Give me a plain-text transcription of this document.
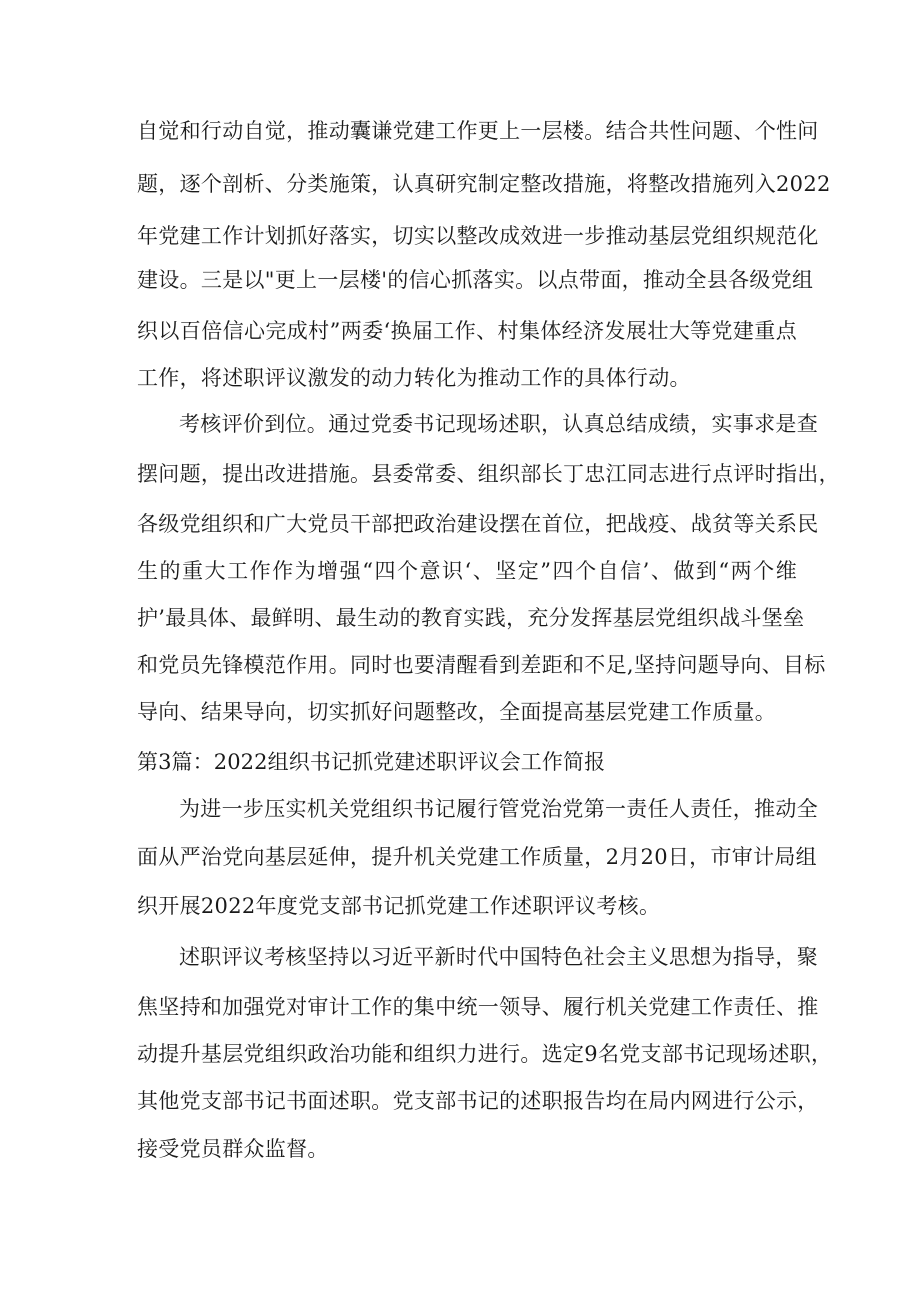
自觉和行动自觉，推动囊谦党建工作更上一层楼。结合共性问题、个性问
题，逐个剖析、分类施策，认真研究制定整改措施，将整改措施列入2022
年党建工作计划抓好落实，切实以整改成效进一步推动基层党组织规范化
建设。三是以"更上一层楼'的信心抓落实。以点带面，推动全县各级党组
织以百倍信心完成村”两委‘换届工作、村集体经济发展壮大等党建重点
工作，将述职评议激发的动力转化为推动工作的具体行动。
考核评价到位。通过党委书记现场述职，认真总结成绩，实事求是查
摆问题，提出改进措施。县委常委、组织部长丁忠江同志进行点评时指出，
各级党组织和广大党员干部把政治建设摆在首位，把战疫、战贫等关系民
生的重大工作作为增强“四个意识‘、坚定”四个自信’、做到“两个维
护’最具体、最鲜明、最生动的教育实践，充分发挥基层党组织战斗堡垒
和党员先锋模范作用。同时也要清醒看到差距和不足,坚持问题导向、目标
导向、结果导向，切实抓好问题整改，全面提高基层党建工作质量。
第3篇：2022组织书记抓党建述职评议会工作简报
为进一步压实机关党组织书记履行管党治党第一责任人责任，推动全
面从严治党向基层延伸，提升机关党建工作质量，2月20日，市审计局组
织开展2022年度党支部书记抓党建工作述职评议考核。
述职评议考核坚持以习近平新时代中国特色社会主义思想为指导，聚
焦坚持和加强党对审计工作的集中统一领导、履行机关党建工作责任、推
动提升基层党组织政治功能和组织力进行。选定9名党支部书记现场述职，
其他党支部书记书面述职。党支部书记的述职报告均在局内网进行公示，
接受党员群众监督。
